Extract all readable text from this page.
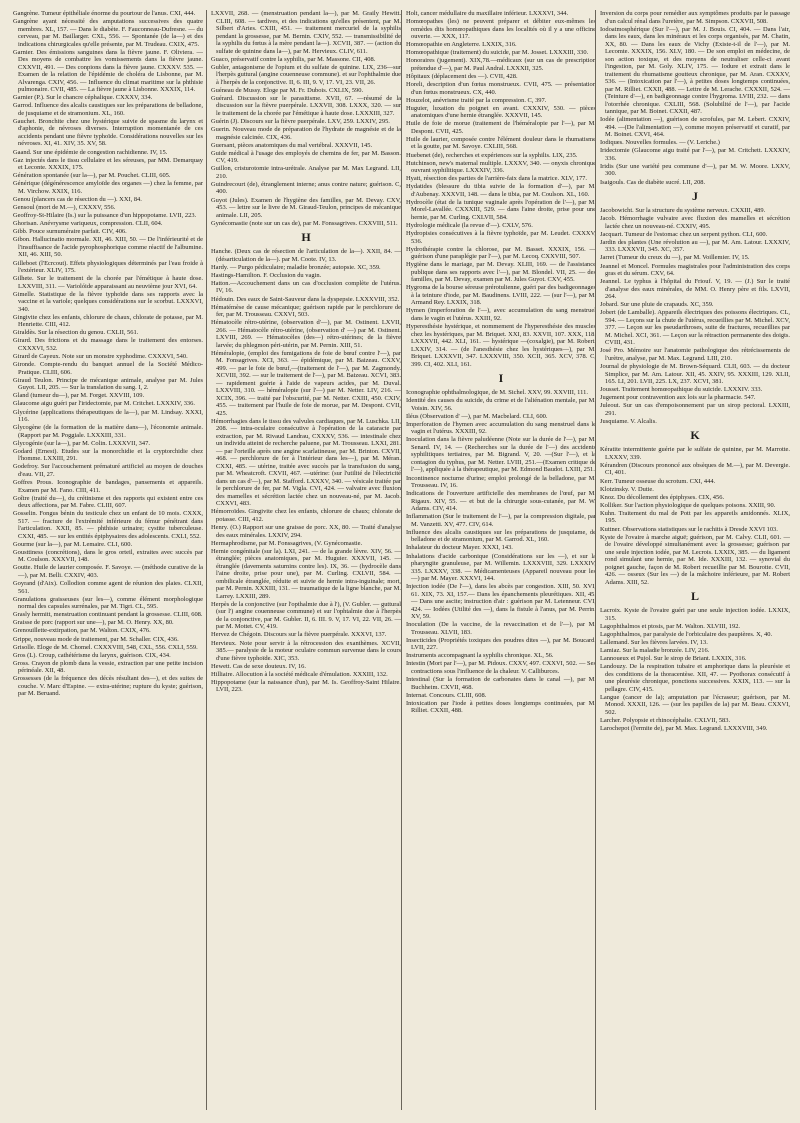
Gangrène. Tumeur épithéliale énorme du pourtour de l'anus. CXI, 444.

Gangrène ayant nécessité des amputations successives des quatre membres. XL, 157. — Dans le diabète. F. Fauconneau-Dufresne. — du cerveau, par M. Baillarger. CXL, 556. — Spontanée (de la—) et des indications chirurgicales qu'elle présente, par M. Trudeau. CXIX, 475.

Garnier. Des émissions sanguines dans la fièvre jaune. F. Oliviera. — Des moyens de combattre les vomissements dans la fièvre jaune. CXXVII, 491. — Des conpions dans la fièvre jaune. CXXXV. 535. — Examen de la relation de l'épidémie de choléra de Lisbonne, par M. Alvarenga. CXIV, 456. — Influence du climat maritime sur la phthisie pulmonaire. CVII, 485. — La fièvre jaune à Lisbonne. XXXIX, 114.

Garnier (P.). Sur le chancre céphalique. CXXXV, 334.

Garrod. Influence des alcalis caustiques sur les préparations de belladone, de jusquiame et de stramonium. XL, 160.

Gauchet. Bronchite chez une hystérique suivie de spasme du larynx et d'aphonie, de névroses diverses. Interruption momentanée de ces accidents pendant une fièvre typhoïde. Considérations nouvelles sur les névroses. XI, 41. XIV, 35. XV, 58.

Gaand. Sur une épidémie de congestion rachidienne. IV, 15.

Gaz injectés dans le tissu cellulaire et les séreuses, par MM. Demarquay et Leconte. XXXIX, 175.

Génération spontanée (sur la—), par M. Pouchet. CLIII, 605.

Générique (dégénérescence amyloïde des organes —) chez la femme, par M. Virchow. XXIX, 116.

Genou (plancers cas de résection du —). XXI, 84.

Gensoul (mort de M.—), CXXXV, 556.

Geoffroy-St-Hilaire (Is.) sur la puissance d'un hippopotame. LVII, 223.

Ghorisan. Anévrysme variqueux, compression. CLII, 604.

Gibb. Pouce surnuméraire parfait. CIV, 406.

Gibon. Hallucinatio mormale. XII, 46. XIII, 50. — De l'inférieurité et de l'insuffisance de l'acide pyrophosphorique comme réactif de l'albumine. XII, 46. XIII, 50.

Gilleboet (l'Ecrcout). Effets physiologiques déterminés par l'eau froide à l'extérieur. XLIV, 175.

Gilhete. Sur le traitement de la chorée par l'émétique à haute dose. LXXVIII, 311. — Variolóide apparaissant au neuvième jour XVI, 64.

Gimelle. Statistique de la fièvre typhoïde dans ses rapports avec la vaccine et la variole; quelques considérations sur le scorbut. LXXXVI, 340.

Gingivite chez les enfants, chlorure de chaux, chlorate de potasse, par M. Henriette. CIII, 412.

Giraldès. Sur la résection du genou. CXLII, 561.

Girard. Des frictions et du massage dans le traitement des entorses. CXXXVI, 532.

Girard de Cayeux. Note sur un monstre xyphodime. CXXXVI, 540.

Gironde. Compte-rendu du banquet annuel de la Société Médico-Pratique. CLIII, 606.

Giraud Teulon. Principe de mécanique animale, analyse par M. Jules Guyot. LII, 205. — Sur la translation du sang. I, 2.

Gland (tumeur du—), par M. Forget. XXVIII, 109.

Glaucome aigu guéri par l'iridectomie, par M. Critchet. LXXXIV, 336.

Glycérine (applications thérapeutiques de la—), par M. Lindsay. XXXI, 116.

Glycogène (de la formation de la matière dans—), l'économie animale. (Rapport par M. Poggiale. LXXXIII, 331.

Glycogénie (sur la—), par M. Colin. LXXXVII, 347.

Godard (Ernest). Etudes sur la monorchidie et la cryptorchidie chez l'homme. LXXIII, 291.

Godefroy. Sur l'accouchement prématuré artificiel au moyen de douches d'eau. VII, 27.

Goffres Prous. Iconographie de bandages, pansements et appareils. Examen par M. Fano. CIII, 411.

Goître (traité du—), du crétinisme et des rapports qui existent entre ces deux affections, par M. Fabre. CLIII, 607.

Gosselin. Fongus bénin du testicule chez un enfant de 10 mois. CXXX, 517. — fracture de l'extrémité inférieure du fémur pénétrant dans l'articulation. XXII, 85. — phthisie urinaire; cystite tuberculeuse. CXXI, 485. — sur les entités épiphysaires des adolescents. CXLI, 552.

Gourme (sur la—), par M. Lemaire. CLI, 600.

Gousttiness (concrétions), dans le gros orteil, extraites avec succès par M. Coulson. XXXVII, 148.

Goutte. Huile de laurier composée. F. Savoye. — (méthode curative de la—), par M. Belli. CXXIV, 403.

Goyrand (d'Aix). Collodion comme agent de réunion des plaies. CLXII, 561.

Granulations graisseuses (sur les—), comme élément morphologique normal des capsules surrénales, par M. Tigri. CL, 595.

Grasly hermitt, menstruation continuant pendant la grossesse. CLIII, 608.

Graisse de porc (rapport sur une—), par M. O. Henry. XX, 80.

Grenouillette-extirpation, par M. Walton. CXIX, 476.

Grippe, nouveau mode de traitement, par M. Schaller. CIX, 436.

Grisolle. Eloge de M. Chomel. CXXXVIII, 548, CXL, 556. CXLI, 559.

Gros (L). Croup, cathétérisme du larynx, guérison. CIX, 434.

Gross. Crayon de plomb dans la vessie, extraction par une petite incision périnéale. XII, 48.

Grossesses (de la fréquence des décès résultant des—), et des suites de couche. V. Marc d'Espine. — extra-utérine; rupture du kyste; guérison, par M. Beruand.

LXXVII, 268. — (menstruation pendant la—), par M. Graily Hewitt. CLIII, 608. — tardives, et des indications qu'elles présentent, par M. Silbert d'Aries. CXIII, 451. — traitement mercuriel de la syphilis pendant la grossesse, par M. Bernin. CXIV, 552. — transmissibilité de la syphilis du fœtus à la mère pendant la—). XCVII, 387. — (action du sulfate de quinine dans la—), par M. Hervieux. CLIV, 611.

Guaco, préservatif contre la syphilis, par M. Massone. CII, 408.

Gubler, antagonisme de l'opium et du sulfate de quinine. LIX, 236—sur l'herpès guttural (angine couenneuse commune). et sur l'ophthalmie due à l'herpès de la conjonctive. II, 6. III, 9. V, 17. VI, 23. VII, 26.

Guéneau de Mussy. Eloge par M. Fr. Dubois. CXLIX, 590.

Guérard. Discussion sur le parasitisme. XVII, 67. —résumé de la discussion sur la fièvre puerpérale. LXXVII, 308. LXXX, 320. — sur le traitement de la chorée par l'émétique à haute dose. LXXXIII, 327.

Guérin (J). Discours sur la fièvre puerpérale. LXV, 259. LXXIV, 295.

Guerin. Nouveau mode de préparation de l'hydrate de magnésie et de la magnésie calcinée. CIX, 436.

Guersant, pièces anatomiques du mal vertébral. XXXVII, 145.

Guide médical à l'usage des employés de chemins de fer, par M. Basson. CV, 419.

Guillon, cristurotomie intra-urétrale. Analyse par M. Max Legrand. LII, 210.

Guindrecourt (de), étranglement interne; anus contre nature; guérison. C, 400.

Guyot (Jules). Examen de l'hygiène des familles, par M. Devay. CXV, 453. — lettre sur le livre de M. Giraud-Teulon, principes de mécanique animale. LII, 205.

Gynécomastie (note sur un cas de), par M. Fonssagrives. CXXVIII, 511.

H

Hanche. (Deux cas de résection de l'articulation de la—). XXII, 84. — (désarticulation de la—). par M. Coote. IV, 13.

Hardy. — Purgo pédiculaire; maladie bronzée; autopsie. XC, 359.

Hastings-Hamilton. F. Occlusion du vagin.

Hatton.—Accouchement dans un cas d'occlusion complète de l'utérus. IV, 16.

Hédouin. Des eaux de Saint-Sauveur dans la dyspepsie. LXXXVIII, 352.

Hématémèse de cause mécanique; guérison rapide par le perchlorure de fer, par M. Trousseau. CXXVI, 503.

Hématocèle rétro-utérine, (observation d'—), par M. Ostinent. LXVII, 266. — Hématocèle rétro-utérine, (observation d' —) par M. Ostinent. LXVIII, 269. — Hématocèles (des—) rétro-utérines; de la fièvre larvée; du phlegmon péri-utérin, par M. Pernin. XIII, 51.

Héméralopie, (emploi des fumigations de foie de bœuf contre l'—), par M. Fonsagrives. XCI, 363. — épidémique, par M. Baizeau. CXXV, 499. — par le foie de bœuf,—(traitement de l'—), par M. Zagmondy. XCVIII, 392. — sur le traitement de l'—), par M. Baizeau. XCVI, 383. — rapidement guérie à l'aide de vapeurs acides, par M. Duval. LXXVIII, 310. — héméralopie (sur l'—) par M. Netter. LIV, 216. — XCIX, 396. — traité par l'obscurité, par M. Netter. CXIII, 450. CXIV, 455. — traitement par l'huile de foie de morue, par M. Despont. CVII, 425.

Hémorrhagies dans le tissu des valvules cardiaques, par M. Luschka. LII, 208. — intra-oculaire consécutive à l'opération de la cataracte par extraction, par M. Rivaud Landrau, CXXXV, 536. — intestinale chez un individu atteint de recherche paluene, par M. Trousseau. LXXI, 281. — par l'orteille après une angine scarlatineuse, par M. Brinton. CXVII, 468. — perchlorure de fer à l'intérieur dans les—), par M. Méran. CXXI, 485. — utérine, traitée avec succès par la transfusion du sang, par M. Wheatcroft. CXVII, 467. —utérine: (sur l'utilité de l'électricité dans un cas d'—), par M. Stafford. LXXXV, 340. — vésicale traitée par le perchlorure de fer, par M. Vigla. CVI, 424. — valvaire avec fluxion des mamelles et sécrétion lactée chez un nouveau-né, par M. Jacob. CXXVI, 483.

Hémorroïdes. Gingivite chez les enfants, chlorure de chaux; chlorate de potasse. CIII, 412.

Henry. (O.) Rapport sur une graisse de porc. XX, 80. — Traité d'analyse des eaux minérales. LXXIV, 294.

Hermaphrodisme, par M. Fonssagrives, (V. Gynécomastie.

Hernie congénitale (sur la). LXI, 241. — de la grande lèvre. XIV, 56. — étranglée; pièces anatomiques, par M. Huguier. XXXVII, 145. — étranglée (davements saturnins contre les). IX, 36. — (hydrocèle dans l'aine droite, prise pour une), par M. Curling. CXLVII, 584. — ombilicale étranglée, réduite et suivie de hernie intra-inguinale; mort, par M. Pernin. XXXIII, 131. — traumatique de la ligne blanche, par M. Larrey. LXXIII, 289.

Herpès de la conjonctive (sur l'opthalmie due à l'), (V. Gubler. — guttural (sur l') angine couenneuse commune) et sur l'ophtalmie due à l'herpès de la conjonctive, par M. Gubler. II, 6. III. 9. V, 17. VI, 22. VII, 26. — par M. Mottet. CV, 419.

Hervez de Chégoin. Discours sur la fièvre puerpérale. XXXVI, 137.

Hervieux. Note pour servir à la rétrocession des exanthèmes. XCVII, 385.— paralysie de la moteur oculaire commun survenue dans le cours d'une fièvre typhoïde. XIC, 353.

Hewett. Cas de sexe douteux. IV, 16.

Hilliaire. Allocution à la société médicale d'émulation. XXXIII, 132.

Hippopotame (sur la naissance d'un), par M. Is. Geoffroy-Saint Hilaire. LVII, 223.

Holt, cancer médullaire du maxillaire inférieur. LXXXVI, 344.

Homœopathes (les) ne peuvent préparer et débiter eux-mêmes les remèdes dits homœopathiques dans les localités où il y a une officine ouverte. — XXX, 117.

Homœopathie en Angleterre. LXXIX, 316.

Homœopathique (traitement) du suicide, par M. Josset. LXXXIII, 330.

Honoraires (jugement). XIX,78.—médicaux (sur un cas de prescription prétendue d'—), par M. Paul Andral. LXXXII, 325.

Hôpitaux (déplacement des —). CVII, 428.

Horeli, description d'un fœtus monstrueux. CVII, 475. — présentation d'un fœtus monstrueux. CX, 440.

Houzelot, anévrisme traité par la compression. C, 397.

Huguier, luxation du poignet en avant. CXXXIV, 530. — pièces anatomiques d'une hernie étranglée. XXXVII, 145.

Huile de foie de morue (traitement de l'héméralopie par l'—), par M. Despont. CVII, 425.

Huile de laurier, composée contre l'élément douleur dans le rhumatisme et la goutte, par M. Savoye. CXLIII, 568.

Huebenet (de), recherches et expériences sur la syphilis. LIX, 235.

Hutchinson, new's maternal multiple. LXXXV, 340. — onyxis chronique ouvrant syphilitique. LXXXIV, 336.

Hyatt, résection des parties de l'arrière-faix dans la matrice. XLV, 177.

Hydatides (blessure du tibia suivie de la formation d'—), par M. d'Aubenay. XXXVII, 148. — dans le tibia, par M. Coulson. XL, 160.

Hydrocèle (état de la tunique vaginale après l'opération de l'—), par M. Morel-Lavallée. CXXXIII, 529. — dans l'aine droite, prise pour une hernie, par M. Curling. CXLVII, 584.

Hydrologie médicale (la revue d'—). CXLV, 576.

Hydropisies consécutives à la fièvre typhoïde, par M. Leudet. CXXXV, 536.

Hydrothérapie contre la chlorose, par M. Basset. XXXIX, 156. — guérison d'une paraplégie par l'—), par M. Lecoq. CXXVIII, 507.

Hygiène dans le mariage, par M. Devay. XLIII, 169. — de l'assistance publique dans ses rapports avec l'—), par M. Blondel. VII, 25. — des familles, par M. Devay, examen par M. Jules Guyot. CXV, 455.

Hygroma de la bourse séreuse prérotulienne, guéri par des badigeonnages à la teinture d'iode, par M. Baudinens. LVIII, 222. — (sur l'—), par M. Armand Rey. LXXIX, 318.

Hymen (imperforation de l'—), avec accumulation du sang menstruel dans le vagin et l'utérus. XXIII, 92.

Hyperesthésie hystérique, et nommement de l'hyperesthésie des muscles chez les hystériques, par M. Briquet. XXI, 83. XXVII, 107. XXX, 118. LXXXVII, 442. XLI, 161. — hystérique —(coxalgie), par M. Robert. LXXIV, 314. — (de l'anesthésie chez les hystériques—), par M. Briquet. LXXXVII, 347. LXXXVIII, 350. XCII, 365. XCV, 378. C, 399. CI, 402. XLI, 161.

I

Iconographie ophthalmologique, de M. Sichel. XXV, 99. XXVIII, 111.

Identité des causes du suicide, du crime et de l'aliénation mentale, par M. Voisin. XIV, 56.

Iléus (Observation d' —), par M. Macbelard. CLI, 600.

Imperforation de l'hymen avec accumulation du sang menstruel dans le vagin et l'utérus. XXXIII, 92.

Inoculation dans la fièvre paludéenne (Note sur la durée de l'—), par M. Senard. IV, 14. — (Recherches sur la durée de l'—) des accidents syphilitiques tertiaires, par M. Bigrand. V, 20. —(Sur l'—), et la contagion du typhus, par M. Netter. LVIII, 251.—(Examen critique de l'—), appliquée à la thérapeutique, par M. Edmond Baudot. LXIII, 251.

Incontinence nocturne d'urine; emploi prolongé de la belladone, par M. Trousseau. IV, 16.

Indications de l'ouverture artificielle des membranes de l'œuf, par M. Rigaux. XIV, 55. — et but de la chirurgie sous-cutanée, par M. W. Adams. CIV, 414.

Inflammation (Sur le traitement de l'—), par la compression digitale, par M. Vanzetti. XV, 477. CIV, 614.

Influence des alcalis caustiques sur les préparations de jusquiame, de belladone et de stramonium, par M. Garrod. XL, 160.

Inhalateur du docteur Mayer. XXXI, 143.

Inhalations d'acide carbonique (Considérations sur les —), et sur la pharyngite granuleuse, par M. Willemin. LXXXVIII, 329. LXXXIV, 335. LXXXV, 338. — Médicamenteuses (Appareil nouveau pour les —) par M. Mayer. XXXVI, 144.

Injection iodée (De l'—), dans les abcès par congestion. XIII, 50. XVI, 61. XIX, 73. XI, 157.— Dans les épanchements pleurétiques. XII, 45. — Dans une ascite; instruction d'air : guérison par M. Letenneur. CVI, 424. — Iodées (Utilité des —), dans la fistule à l'anus, par M. Perrin. XV, 59.

Inoculation (De la vaccine, de la revaccination et de l'—), par M. Trousseau. XLVII, 183.

Insecticides (Propriétés toxiques des poudres dites —), par M. Boucard. LVII, 227.

Instruments accompagnant la syphilis chronique. XL, 56.

Intestin (Mort par l'—), par M. Pidoux. CXXV, 497. CXXVI, 502. — Ses contractions sous l'influence de la chaleur. V. Calliburces.

Intestinal (Sur la formation de carbonates dans le canal —), par M. Buchheim. CXVII, 468.

Internat. Concours. CLIII, 608.

Intoxication par l'iode à petites doses longtemps continuées, par M. Rilliet. CXXII, 488.

Inversion du corps pour remédier aux symptômes produits par le passage d'un calcul rénal dans l'uretère, par M. Simpson. CXXVII, 508.

Iodoatmosphérique (Sur l'—), par M. J. Bouis. CI, 404. — Dans l'air, dans les eaux, dans les minéraux et les corps organisés, par M. Chatin, XX, 80. — Dans les eaux de Vichy (Existe-t-il de l'—), par M. Lecomte. XXXIX, 156. XLV, 180. — De son emploi en médecine, de son action toxique, et des moyens de neutraliser celle-ci avant l'ingestion, par M. Goly. XLIV, 175. — Iodure et extrait dans le traitement du rhumatisme goutteux chronique, par M. Aran. CXXXV, 536. — (Intoxication par l'—), à petites doses longtemps continuées, par M. Rilliet. CXXII, 488. — Lettre de M. Lerache. CXXXII, 524. — (Teinture d'—), en badigeonnage contre l'hygroma. LVIII, 232. — dans l'otorrhée chronique. CXLIII, 568. (Solubilité de l'—), par l'acide tannique, par M. Boinet. CXXII, 487.

Iodée (alimentation —), guérison de scrofules, par M. Lebert. CXXIV, 494. —(De l'alimentation —), comme moyen préservatif et curatif, par M. Boinet. CXVI, 464.

Iodiques. Nouvelles formules. — (V. Leriche.)

Iridectomie (Glaucome aigu traité par l'—), par M. Critchett. LXXXIV, 336.

Iridis (Sur une variété peu commune d'—), par M. W. Moore. LXXV, 300.

Isaigouls. Cas de diabète sucré. LII, 208.

J

Jacobowicht. Sur la structure du système nerveux. CXXIII, 489.

Jacob. Hémorrhagie vulvaire avec fluxion des mamelles et sécrétion lactée chez un nouveau-né. CXXIV, 495.

Jacquart. Tumeur de l'estomac chez un serpent python. CLI, 600.

Jardin des plantes (Une révolution au —), par M. Am. Latour. LXXXIV, 333. LXXXVII, 345. XC, 357.

Jarret (Tumeur du creux du —), par M. Voillemier. IV, 15.

Jeannel et Moncel. Formules magistrales pour l'administration des corps gras et du sérum. CXV, 64.

Jeannel. Le typhus à l'hôpital du Friouf. V, 19. — (J.) Sur le traité d'analyse des eaux minérales, de MM. O. Henry père et fils. LXVII, 264.

Jobard. Sur une pluie de crapauds. XC, 359.

Jobert (de Lamballe). Appareils électriques des poissons électriques. CL, 594. — Leçons sur la chute de l'utérus, recueillies par M. Michel. XCV, 377. — Leçon sur les pseudarthroses, suite de fractures, recueillies par M. Michel. XCI, 361. — Leçon sur la rétraction permanente des doigts. CVIII, 431.

José Pro. Mémoire sur l'anatomie pathologique des rétrécissements de l'urètre, analyse, par M. Max. Legrand. LIII, 210.

Journal de physiologie de M. Brown-Séquard. CLII, 603. — du docteur Simplice, par M. Am. Latour. XII, 45. XXIV, 95. XXXIII, 129. XLII, 165. LI, 201. LVII, 225. LX, 237. XCVI, 381.

Jousset. Traitement homœopathique du suicide. LXXXIV. 333.

Jugement pour contravention aux lois sur la pharmacie. 547.

Juleout. Sur un cas d'empoisonnement par un sirop pectoral. LXXIII, 291.

Jusquiame. V. Alcalis.

K

Kératite intermittente guérie par le sulfate de quinine, par M. Marrotte. LXXXV, 339.

Kérandren (Discours prononcé aux obsèques de M.—), par M. Devergie. CI, 401.

Kerr. Tumeur osseuse du scrotum. CXI, 444.

Klotzinsky. V. Dutie.

Knoz. Du décollement des épiphyses. CIX, 456.

Kolliker. Sur l'action physiologique de quelques poisons. XXIII, 90.

Kuhn. Traitement du mal de Pott par les appareils amidonnés. XLIX, 195.

Kuttner. Observations statistiques sur le rachitis à Dresde XXVI 103.

Kyste de l'ovaire à marche aiguë; guérison, par M. Calvy. CLII, 601. — de l'ovaire développé simultanément avec la grossesse; guérison par une seule injection iodée, par M. Lecrois. LXXIX, 385. — du ligament rond simulant une hernie, par M. Ide. XXXIII, 132. — synovial du poignet gauche, façon de M. Robert recueillie par M. Bourotte. CVII, 426. — osseux (Sur les —) de la mâchoire inférieure, par M. Robert Adams. XIII, 52.

L

Lacroix. Kyste de l'ovaire guéri par une seule injection iodée. LXXIX, 315.

Lagophthalmos et ptosis, par M. Walton. XLVIII, 192.

Lagophthalmos, par paralysie de l'orbiculaire des paupières. X, 40.

Lallemand. Sur les fièvres larvées. IV, 13.

Lamiaz. Sur la maladie bronzée. LIV, 216.

Lannoueux et Pujol. Sur le sirop de Briant. LXXIX, 316.

Landouzy. De la respiration tubaire et amphorique dans la pleurésie et des conditions de la thoracentèse. XII, 47. — Pyothorax consécutif à une pleurésie chronique, ponctions successives. XXIX, 113. — sur la pellagre. CIV, 415.

Langue (cancer de la); amputation par l'écraseur; guérison, par M. Monod. XXXII, 126. — (sur les papilles de la) par M. Beau. CXXVI, 502.

Larcher. Polyopsie et rhinocéphalie. CXLVII, 583.

Larochepot (l'ermite de), par M. Max. Legrand. LXXXVIII, 349.
